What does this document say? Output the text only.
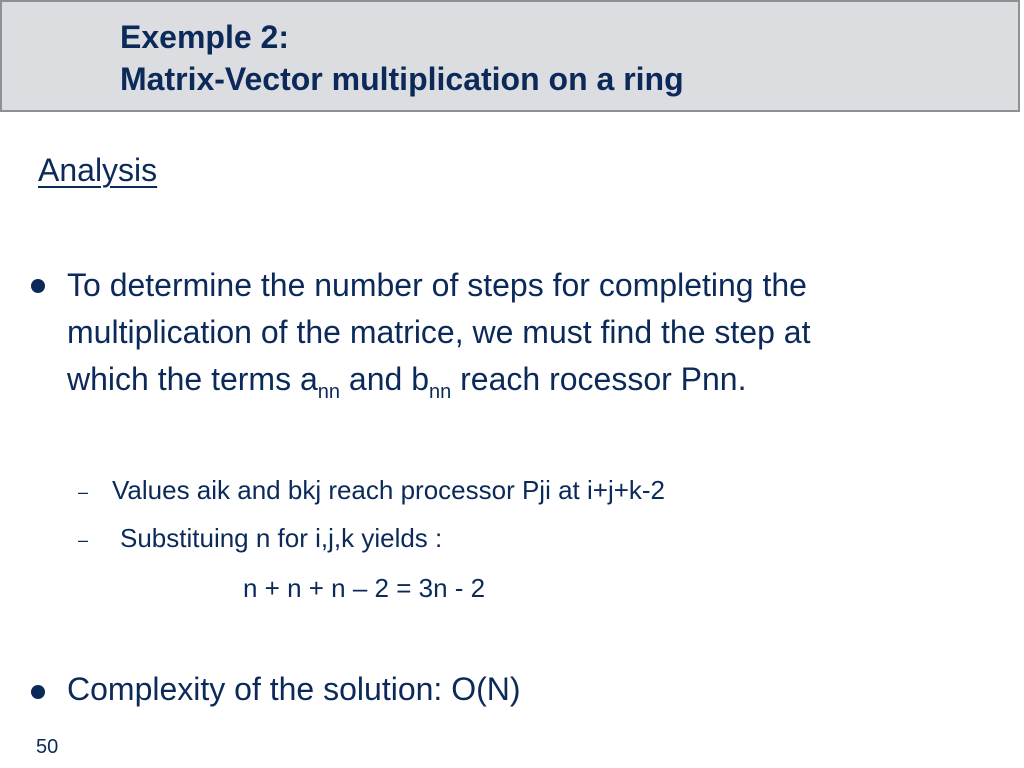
Exemple 2:
Matrix-Vector multiplication on a ring
Analysis
To determine the number of steps for completing the
multiplication of the matrice, we must find the step at
which the terms $a_{nn}$ and $b_{nn}$ reach rocessor Pnn.
– Values aik and bkj reach processor Pji at i+j+k-2
– Substituing n for i,j,k yields :
n + n + n – 2 = 3n - 2
Complexity of the solution: O(N)
50
